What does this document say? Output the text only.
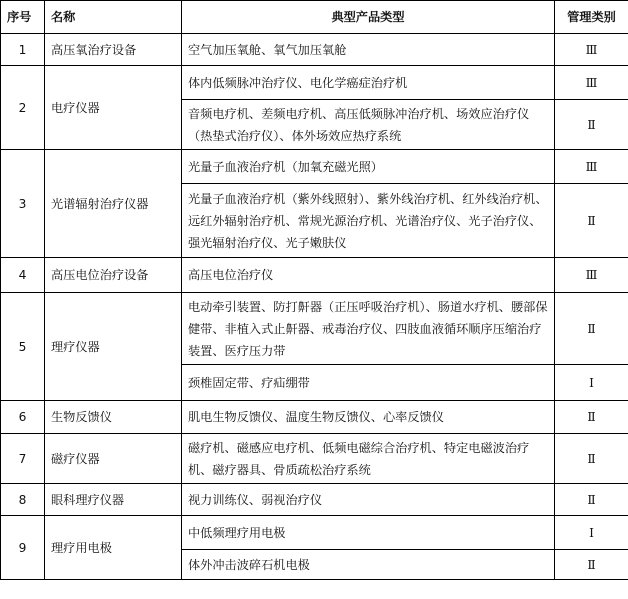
序号	名称	典型产品类型	管理类别
1	高压氧治疗设备	空气加压氧舱、氧气加压氧舱	Ⅲ
2	电疗仪器	体内低频脉冲治疗仪、电化学癌症治疗机	Ⅲ
		音频电疗机、差频电疗机、高压低频脉冲治疗机、场效应治疗仪（热垫式治疗仪）、体外场效应热疗系统	Ⅱ
3	光谱辐射治疗仪器	光量子血液治疗机（加氧充磁光照）	Ⅲ
		光量子血液治疗机（紫外线照射）、紫外线治疗机、红外线治疗机、远红外辐射治疗机、常规光源治疗机、光谱治疗仪、光子治疗仪、强光辐射治疗仪、光子嫩肤仪	Ⅱ
4	高压电位治疗设备	高压电位治疗仪	Ⅲ
5	理疗仪器	电动牵引装置、防打鼾器（正压呼吸治疗机）、肠道水疗机、腰部保健带、非植入式止鼾器、戒毒治疗仪、四肢血液循环顺序压缩治疗装置、医疗压力带	Ⅱ
		颈椎固定带、疗疝绷带	Ⅰ
6	生物反馈仪	肌电生物反馈仪、温度生物反馈仪、心率反馈仪	Ⅱ
7	磁疗仪器	磁疗机、磁感应电疗机、低频电磁综合治疗机、特定电磁波治疗机、磁疗器具、骨质疏松治疗系统	Ⅱ
8	眼科理疗仪器	视力训练仪、弱视治疗仪	Ⅱ
9	理疗用电极	中低频理疗用电极	Ⅰ
		体外冲击波碎石机电极	Ⅱ
